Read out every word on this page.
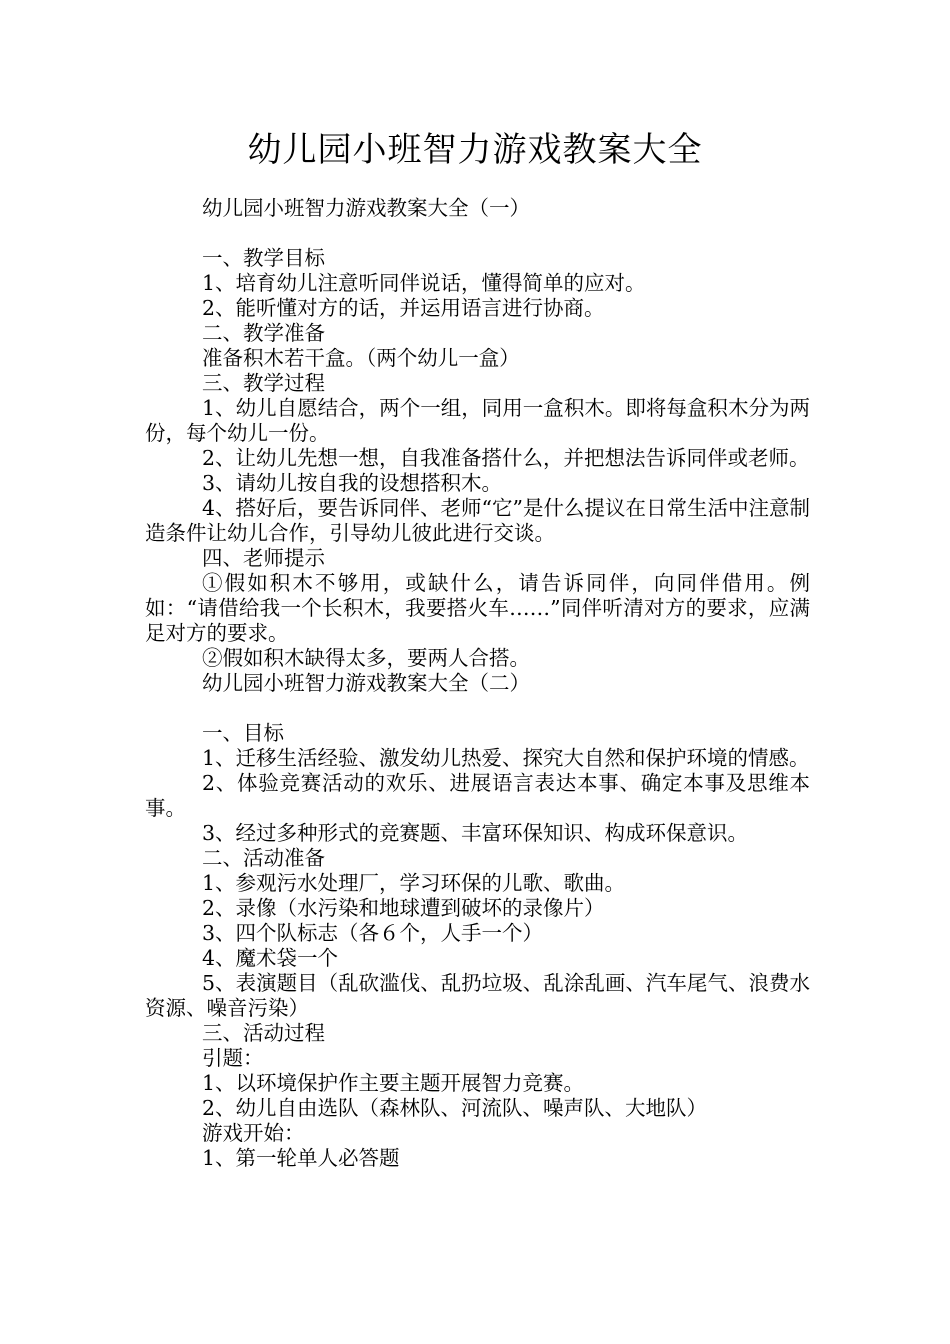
幼儿园小班智力游戏教案大全

幼儿园小班智力游戏教案大全（一）

一、教学目标

1、培育幼儿注意听同伴说话，懂得简单的应对。

2、能听懂对方的话，并运用语言进行协商。

二、教学准备

准备积木若干盒。（两个幼儿一盒）

三、教学过程

1、幼儿自愿结合，两个一组，同用一盒积木。即将每盒积木分为两份，每个幼儿一份。

2、让幼儿先想一想，自我准备搭什么，并把想法告诉同伴或老师。

3、请幼儿按自我的设想搭积木。

4、搭好后，要告诉同伴、老师“它”是什么提议在日常生活中注意制造条件让幼儿合作，引导幼儿彼此进行交谈。

四、老师提示

①假如积木不够用，或缺什么，请告诉同伴，向同伴借用。例如：“请借给我一个长积木，我要搭火车……”同伴听清对方的要求，应满足对方的要求。

②假如积木缺得太多，要两人合搭。

幼儿园小班智力游戏教案大全（二）

一、目标

1、迁移生活经验、激发幼儿热爱、探究大自然和保护环境的情感。

2、体验竞赛活动的欢乐、进展语言表达本事、确定本事及思维本事。

3、经过多种形式的竞赛题、丰富环保知识、构成环保意识。

二、活动准备

1、参观污水处理厂，学习环保的儿歌、歌曲。

2、录像（水污染和地球遭到破坏的录像片）

3、四个队标志（各６个，人手一个）

4、魔术袋一个

5、表演题目（乱砍滥伐、乱扔垃圾、乱涂乱画、汽车尾气、浪费水资源、噪音污染）

三、活动过程

引题：

1、以环境保护作主要主题开展智力竞赛。

2、幼儿自由选队（森林队、河流队、噪声队、大地队）

游戏开始：

1、第一轮单人必答题
